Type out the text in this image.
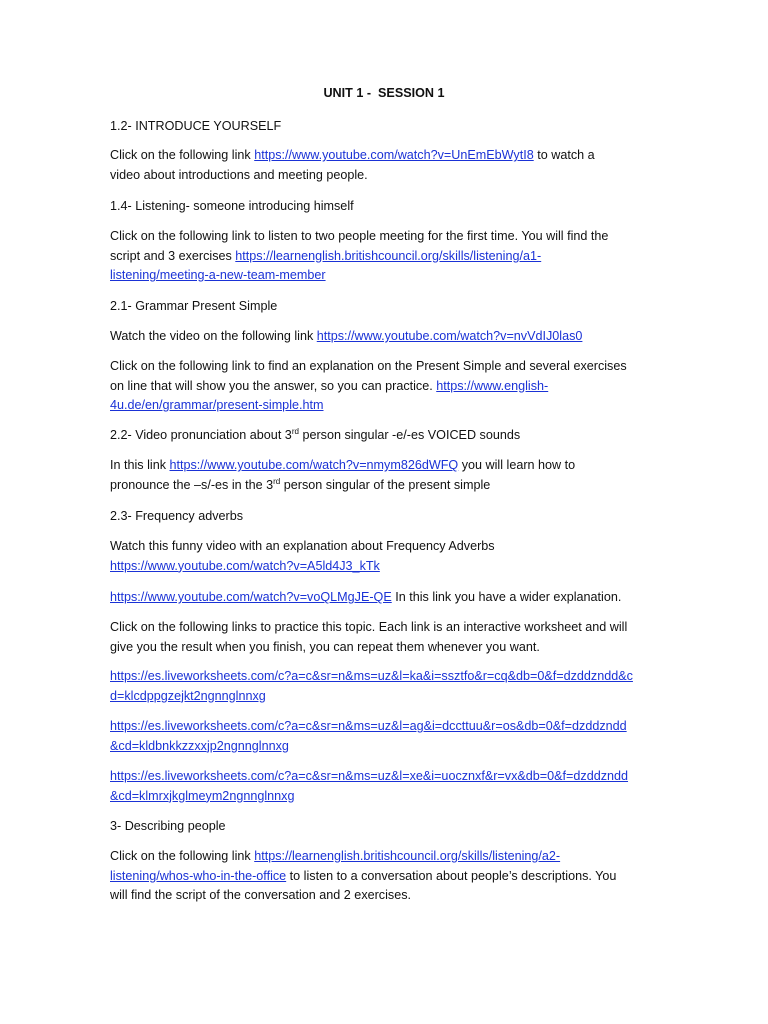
UNIT 1 -  SESSION 1

1.2- INTRODUCE YOURSELF

Click on the following link https://www.youtube.com/watch?v=UnEmEbWytI8 to watch a
video about introductions and meeting people.

1.4- Listening- someone introducing himself

Click on the following link to listen to two people meeting for the first time. You will find the
script and 3 exercises https://learnenglish.britishcouncil.org/skills/listening/a1-
listening/meeting-a-new-team-member

2.1- Grammar Present Simple

Watch the video on the following link https://www.youtube.com/watch?v=nvVdIJ0las0

Click on the following link to find an explanation on the Present Simple and several exercises
on line that will show you the answer, so you can practice. https://www.english-
4u.de/en/grammar/present-simple.htm

2.2- Video pronunciation about 3rd person singular -e/-es VOICED sounds

In this link https://www.youtube.com/watch?v=nmym826dWFQ you will learn how to
pronounce the –s/-es in the 3rd person singular of the present simple

2.3- Frequency adverbs

Watch this funny video with an explanation about Frequency Adverbs
https://www.youtube.com/watch?v=A5ld4J3_kTk

https://www.youtube.com/watch?v=voQLMgJE-QE In this link you have a wider explanation.

Click on the following links to practice this topic. Each link is an interactive worksheet and will
give you the result when you finish, you can repeat them whenever you want.

https://es.liveworksheets.com/c?a=c&sr=n&ms=uz&l=ka&i=ssztfo&r=cq&db=0&f=dzddzndd&c
d=klcdppgzejkt2ngnnglnnxg

https://es.liveworksheets.com/c?a=c&sr=n&ms=uz&l=ag&i=dccttuu&r=os&db=0&f=dzddzndd
&cd=kldbnkkzzxxjp2ngnnglnnxg

https://es.liveworksheets.com/c?a=c&sr=n&ms=uz&l=xe&i=uocznxf&r=vx&db=0&f=dzddzndd
&cd=klmrxjkglmeym2ngnnglnnxg

3- Describing people

Click on the following link https://learnenglish.britishcouncil.org/skills/listening/a2-
listening/whos-who-in-the-office to listen to a conversation about people’s descriptions. You
will find the script of the conversation and 2 exercises.
